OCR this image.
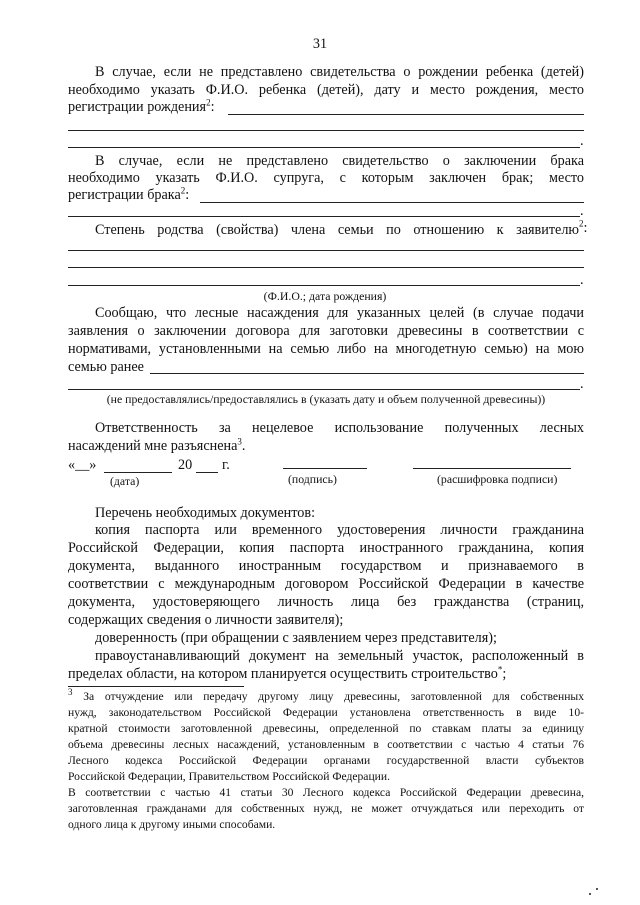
31
В случае, если не представлено свидетельства о рождении ребенка (детей)
необходимо указать Ф.И.О. ребенка (детей), дату и место рождения, место
регистрации рождения$^2$:
.
В случае, если не представлено свидетельство о заключении брака
необходимо указать Ф.И.О. супруга, с которым заключен брак; место
регистрации брака$^2$:
.
Степень родства (свойства) члена семьи по отношению к заявителю $^2$:
.
(Ф.И.О.; дата рождения)
Сообщаю, что лесные насаждения для указанных целей (в случае подачи
заявления о заключении договора для заготовки древесины в соответствии с
нормативами, установленными на семью либо на многодетную семью) на мою
семью ранее
.
(не предоставлялись/предоставлялись в (указать дату и объем полученной древесины))
Ответственность за нецелевое использование полученных лесных
насаждений мне разъяснена$^3$.
«__»	20 г.
(дата)	(подпись)	(расшифровка подписи)
Перечень необходимых документов:
копия паспорта или временного удостоверения личности гражданина
Российской Федерации, копия паспорта иностранного гражданина, копия
документа, выданного иностранным государством и признаваемого в
соответствии с международным договором Российской Федерации в качестве
документа, удостоверяющего личность лица без гражданства (страниц,
содержащих сведения о личности заявителя);
доверенность (при обращении с заявлением через представителя);
правоустанавливающий документ на земельный участок, расположенный в
пределах области, на котором планируется осуществить строительство*;
$^3$ За отчуждение или передачу другому лицу древесины, заготовленной для собственных
нужд, законодательством Российской Федерации установлена ответственность в виде 10-
кратной стоимости заготовленной древесины, определенной по ставкам платы за единицу
объема древесины лесных насаждений, установленным в соответствии с частью 4 статьи 76
Лесного кодекса Российской Федерации органами государственной власти субъектов
Российской Федерации, Правительством Российской Федерации.
В соответствии с частью 41 статьи 30 Лесного кодекса Российской Федерации древесина,
заготовленная гражданами для собственных нужд, не может отчуждаться или переходить от
одного лица к другому иными способами.
